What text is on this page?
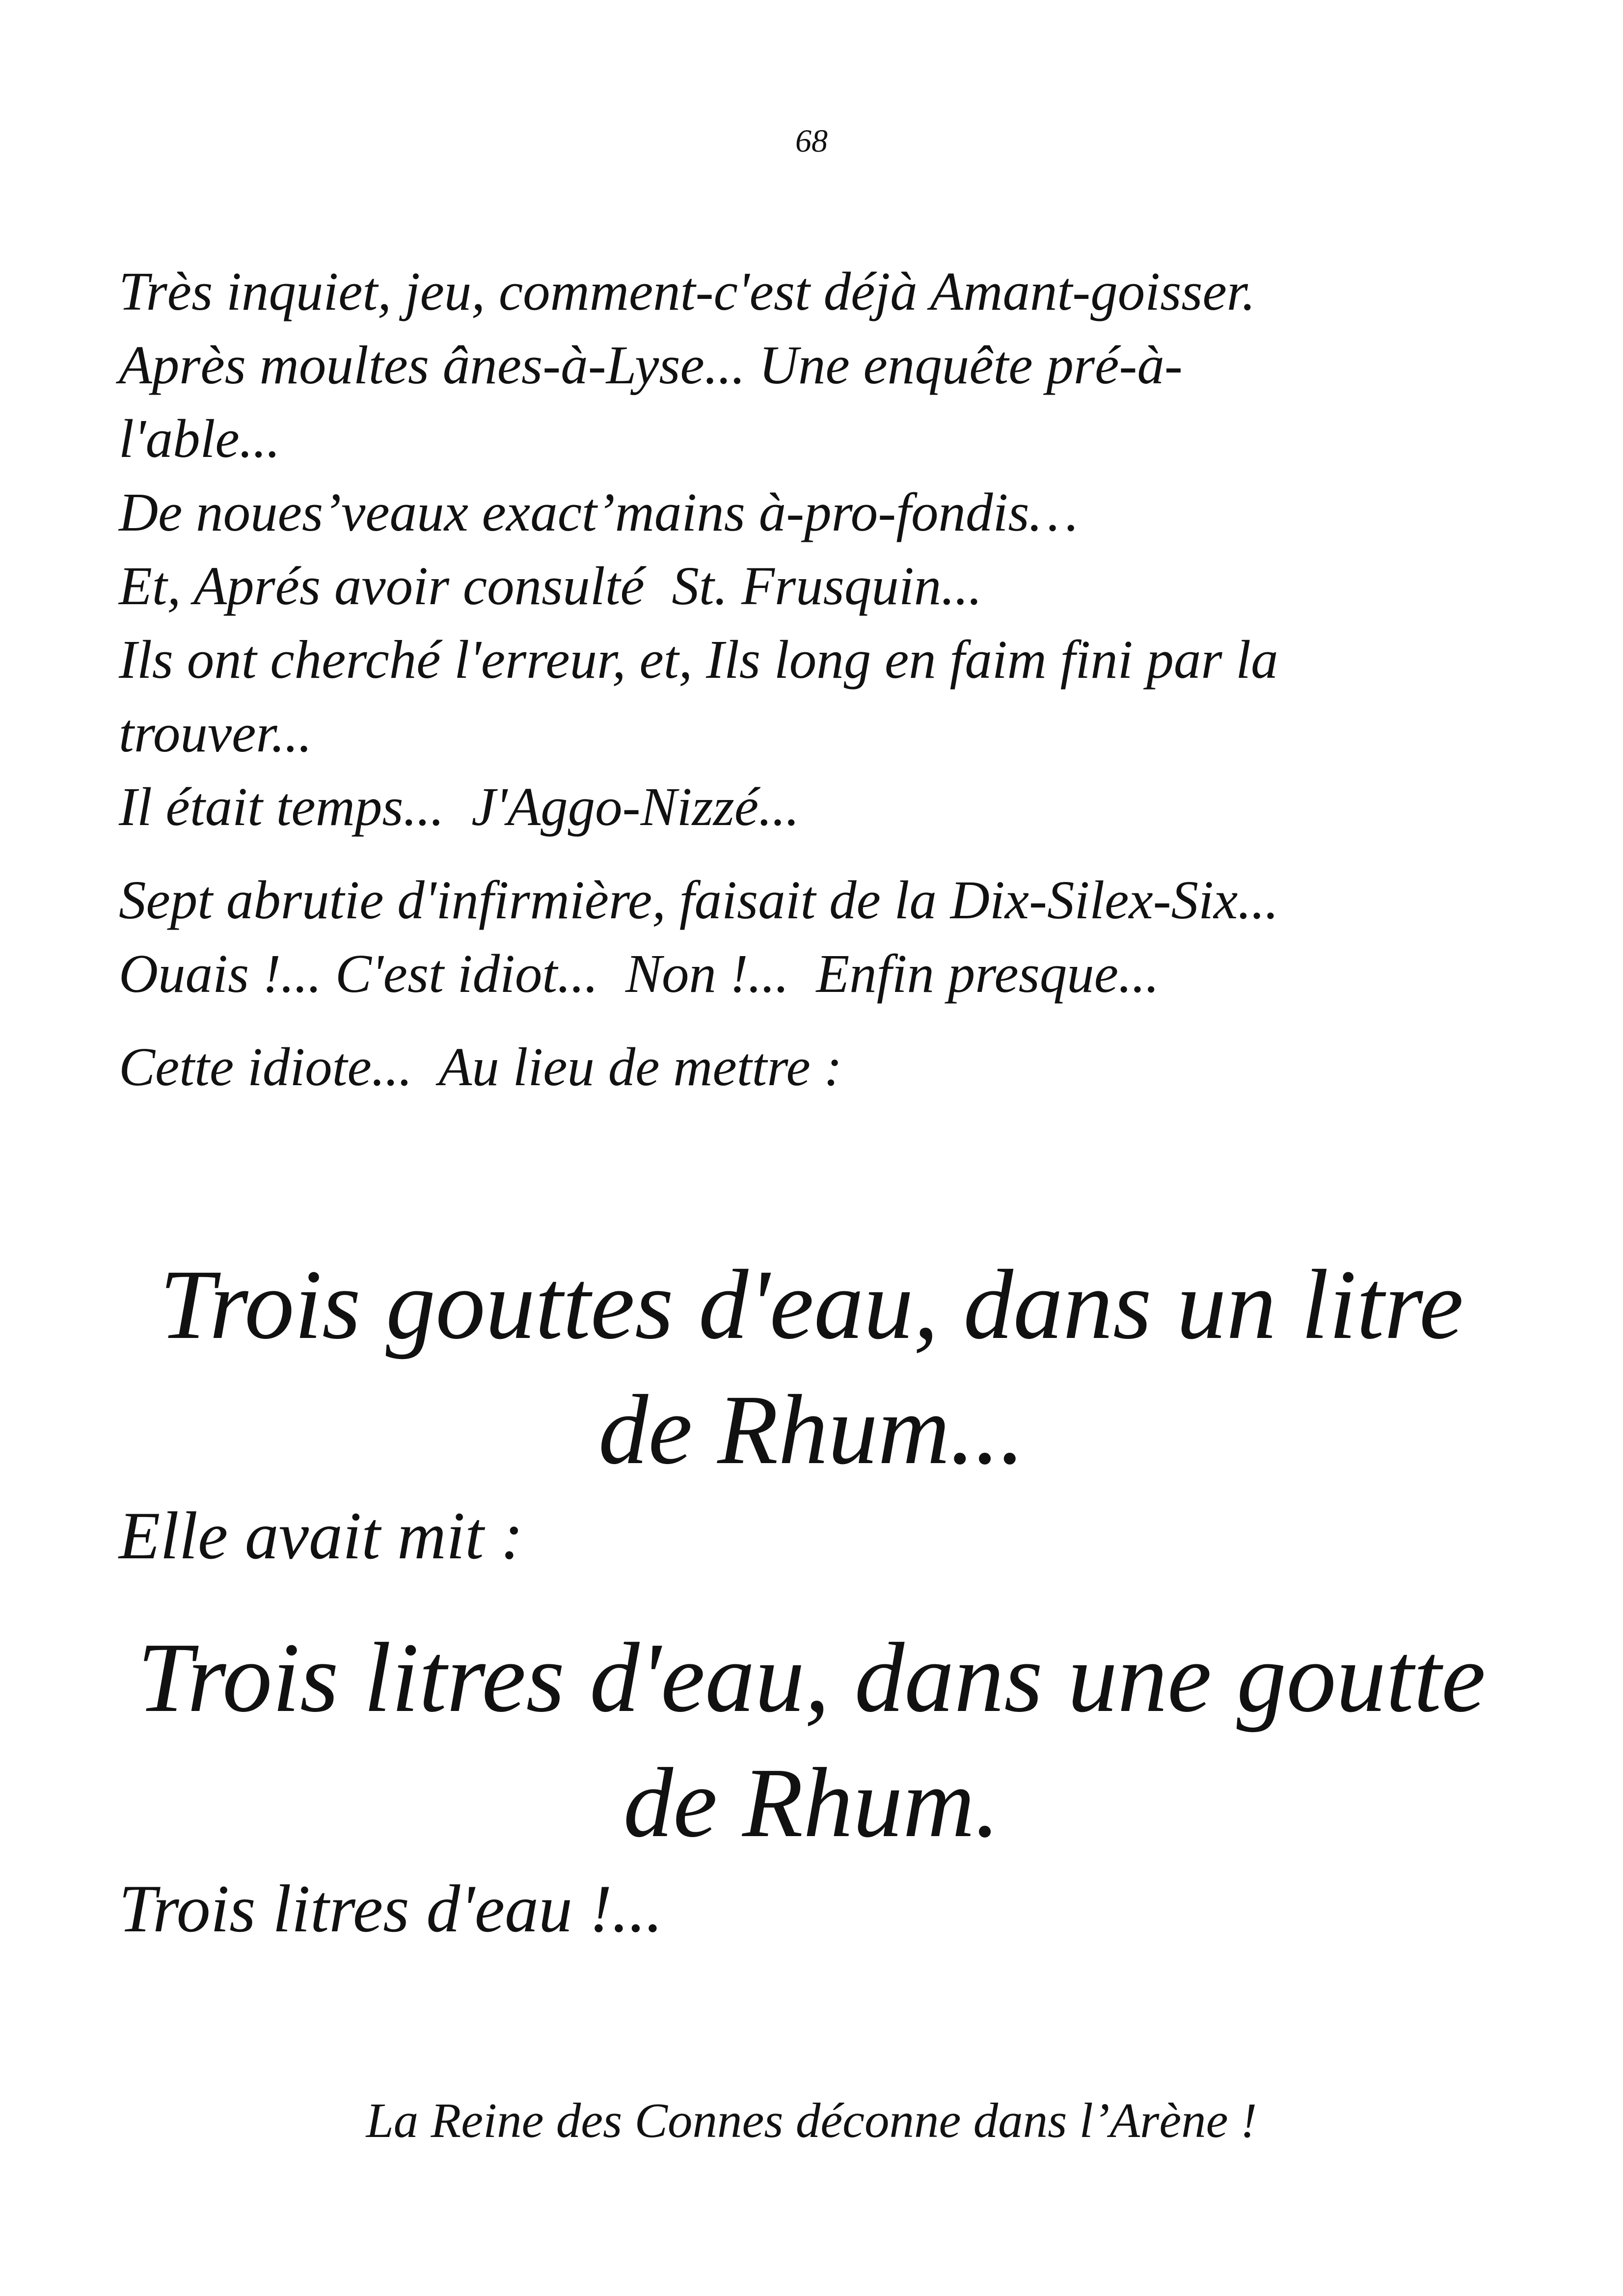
68

Très inquiet, jeu, comment-c'est déjà Amant-goisser.

Après moultes ânes-à-Lyse... Une enquête pré-à-

l'able...

De noues’veaux exact’mains à-pro-fondis…

Et, Aprés avoir consulté  St. Frusquin...

Ils ont cherché l'erreur, et, Ils long en faim fini par la

trouver...

Il était temps...  J'Aggo-Nizzé...

Sept abrutie d'infirmière, faisait de la Dix-Silex-Six...

Ouais !... C'est idiot...  Non !...  Enfin presque...

Cette idiote...  Au lieu de mettre :

Trois gouttes d'eau, dans un litre
de Rhum...
Elle avait mit :
Trois litres d'eau, dans une goutte
de Rhum.
Trois litres d'eau !...
La Reine des Connes déconne dans l’Arène !
